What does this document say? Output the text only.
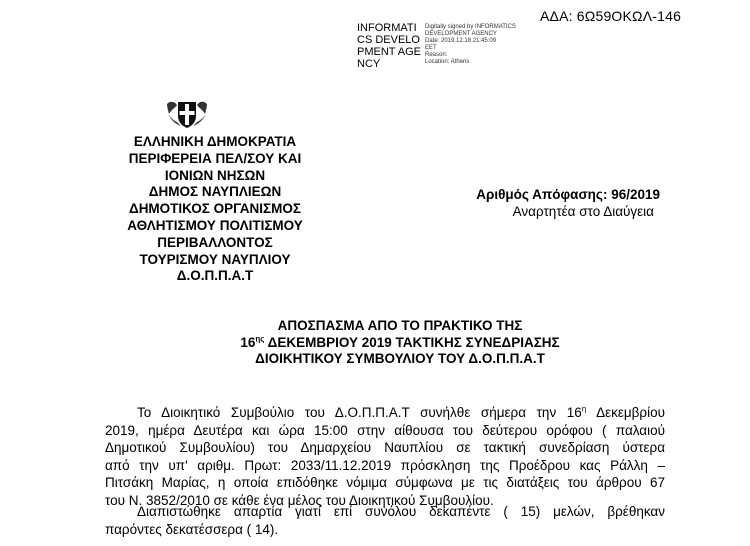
ΑΔΑ: 6Ω59ΟΚΩΛ-146
INFORMATICS DEVELOPMENT AGENCY
Digitally signed by INFORMATICS
DEVELOPMENT AGENCY
Date: 2019.12.18 21:45:09
EET
Reason:
Location: Athens
ΕΛΛΗΝΙΚΗ ΔΗΜΟΚΡΑΤΙΑ
ΠΕΡΙΦΕΡΕΙΑ ΠΕΛ/ΣΟΥ ΚΑΙ
ΙΟΝΙΩΝ ΝΗΣΩΝ
ΔΗΜΟΣ ΝΑΥΠΛΙΕΩΝ
ΔΗΜΟΤΙΚΟΣ ΟΡΓΑΝΙΣΜΟΣ
ΑΘΛΗΤΙΣΜΟΥ ΠΟΛΙΤΙΣΜΟΥ
ΠΕΡΙΒΑΛΛΟΝΤΟΣ
ΤΟΥΡΙΣΜΟΥ ΝΑΥΠΛΙΟΥ
Δ.Ο.Π.Π.Α.Τ
Αριθμός Απόφασης: 96/2019
Αναρτητέα στο Διαύγεια
ΑΠΟΣΠΑΣΜΑ ΑΠΟ ΤΟ ΠΡΑΚΤΙΚΟ ΤΗΣ
$16^{\eta\varsigma}$ ΔΕΚΕΜΒΡΙΟΥ 2019 ΤΑΚΤΙΚΗΣ ΣΥΝΕΔΡΙΑΣΗΣ
ΔΙΟΙΚΗΤΙΚΟΥ ΣΥΜΒΟΥΛΙΟΥ ΤΟΥ Δ.Ο.Π.Π.Α.Τ
Το Διοικητικό Συμβούλιο του Δ.Ο.Π.Π.Α.Τ συνήλθε σήμερα την $16^\eta$ Δεκεμβρίου
2019, ημέρα Δευτέρα και ώρα 15:00 στην αίθουσα του δεύτερου ορόφου ( παλαιού
Δημοτικού Συμβουλίου) του Δημαρχείου Ναυπλίου σε τακτική συνεδρίαση ύστερα
από την υπ' αριθμ. Πρωτ: 2033/11.12.2019 πρόσκληση της Προέδρου κας Ράλλη –
Πιτσάκη Μαρίας, η οποία επιδόθηκε νόμιμα σύμφωνα με τις διατάξεις του άρθρου 67
του Ν. 3852/2010 σε κάθε ένα μέλος του Διοικητικού Συμβουλίου.
Διαπιστώθηκε απαρτία γιατί επί συνόλου δεκαπέντε ( 15) μελών, βρέθηκαν
παρόντες δεκατέσσερα ( 14).
